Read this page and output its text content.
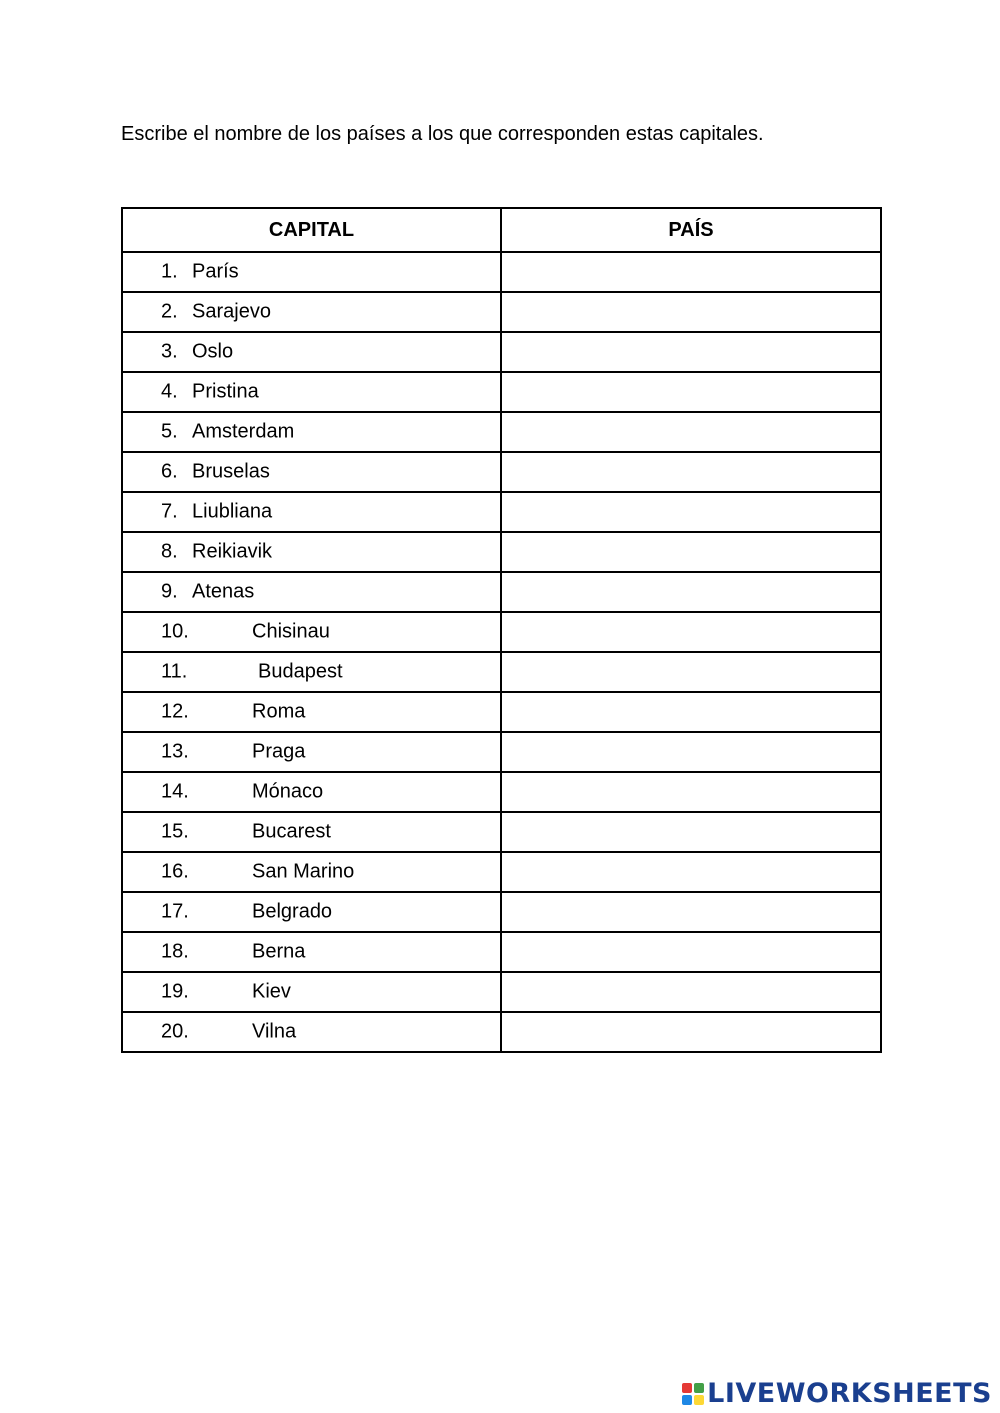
Escribe el nombre de los países a los que corresponden estas capitales.
CAPITAL	PAÍS

1. París	

2. Sarajevo	

3. Oslo	

4. Pristina	

5. Amsterdam	

6. Bruselas	

7. Liubliana	

8. Reikiavik	

9. Atenas	

10. Chisinau	

11. Budapest	

12. Roma	

13. Praga	

14. Mónaco	

15. Bucarest	

16. San Marino	

17. Belgrado	

18. Berna	

19. Kiev	

20. Vilna	

LIVEWORKSHEETS
